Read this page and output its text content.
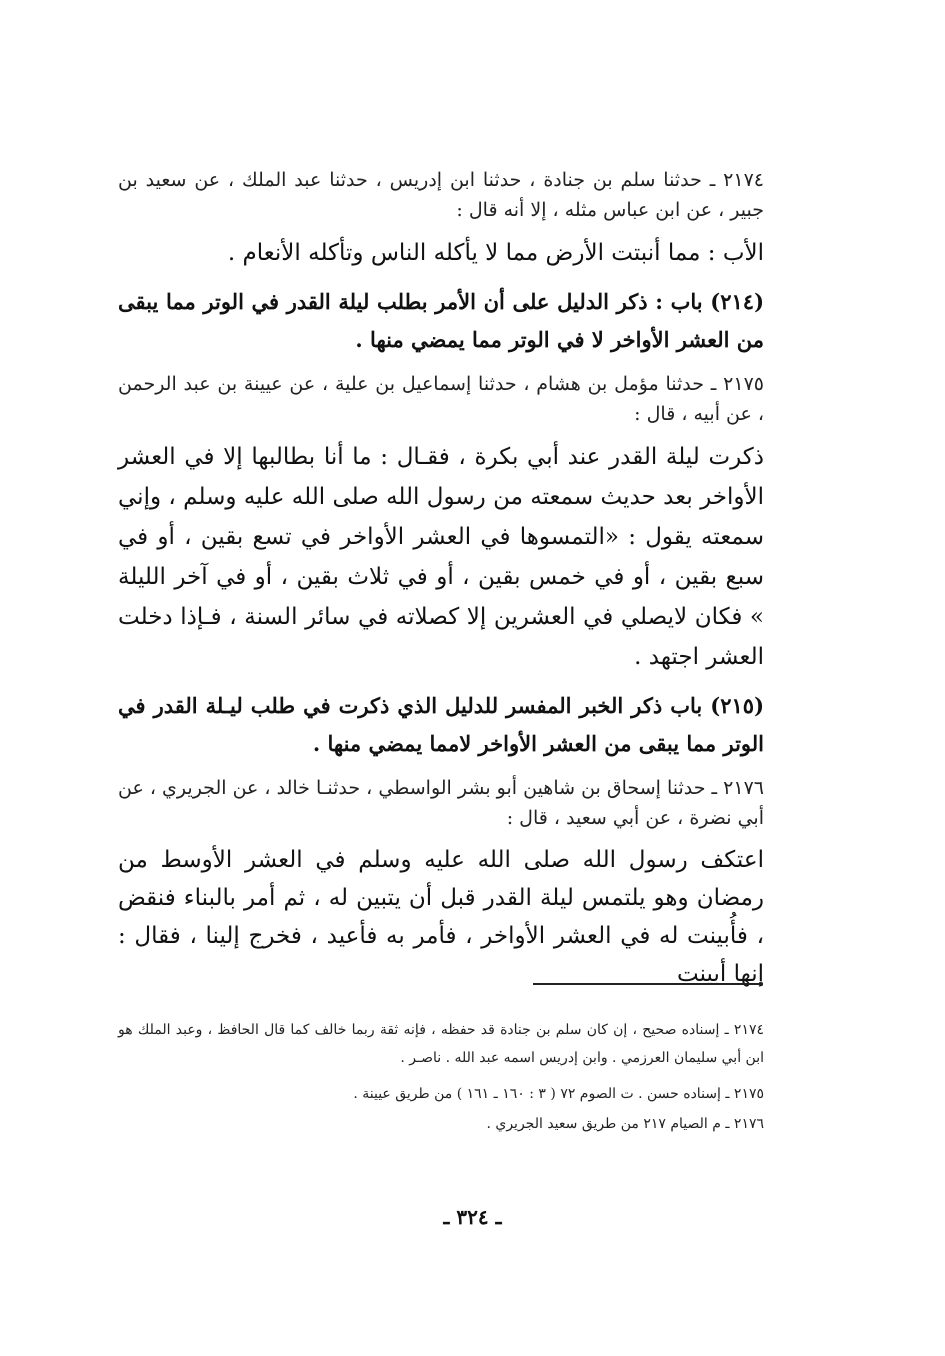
٢١٧٤ ـ حدثنا سلم بن جنادة ، حدثنا ابن إدريس ، حدثنا عبد الملك ، عن سعيد بن جبير ، عن ابن عباس مثله ، إلا أنه قال :

الأب : مما أنبتت الأرض مما لا يأكله الناس وتأكله الأنعام .

(٢١٤) باب : ذكر الدليل على أن الأمر بطلب ليلة القدر في الوتر مما يبقى من العشر الأواخر لا في الوتر مما يمضي منها .

٢١٧٥ ـ حدثنا مؤمل بن هشام ، حدثنا إسماعيل بن علية ، عن عيينة بن عبد الرحمن ، عن أبيه ، قال :

ذكرت ليلة القدر عند أبي بكرة ، فقـال : ما أنا بطالبها إلا في العشر الأواخر بعد حديث سمعته من رسول الله صلى الله عليه وسلم ، وإني سمعته يقول : «التمسوها في العشر الأواخر في تسع بقين ، أو في سبع بقين ، أو في خمس بقين ، أو في ثلاث بقين ، أو في آخر الليلة » فكان لايصلي في العشرين إلا كصلاته في سائر السنة ، فـإذا دخلت العشر اجتهد .

(٢١٥) باب ذكر الخبر المفسر للدليل الذي ذكرت في طلب ليـلة القدر في الوتر مما يبقى من العشر الأواخر لامما يمضي منها .

٢١٧٦ ـ حدثنا إسحاق بن شاهين أبو بشر الواسطي ، حدثنـا خالد ، عن الجريري ، عن أبي نضرة ، عن أبي سعيد ، قال :

اعتكف رسول الله صلى الله عليه وسلم في العشر الأوسط من رمضان وهو يلتمس ليلة القدر قبل أن يتبين له ، ثم أمر بالبناء فنقض ، فأُبينت له في العشر الأواخر ، فأمر به فأعيد ، فخرج إلينا ، فقال : إنها أبينت

٢١٧٤ ـ إسناده صحيح ، إن كان سلم بن جنادة قد حفظه ، فإنه ثقة ربما خالف كما قال الحافظ ، وعبد الملك هو ابن أبي سليمان العرزمي . وابن إدريس اسمه عبد الله . ناصـر .

٢١٧٥ ـ إسناده حسن . ت الصوم ٧٢ ( ٣ : ١٦٠ ـ ١٦١ ) من طريق عيينة .

٢١٧٦ ـ م الصيام ٢١٧ من طريق سعيد الجريري .

ـ ٣٢٤ ـ
